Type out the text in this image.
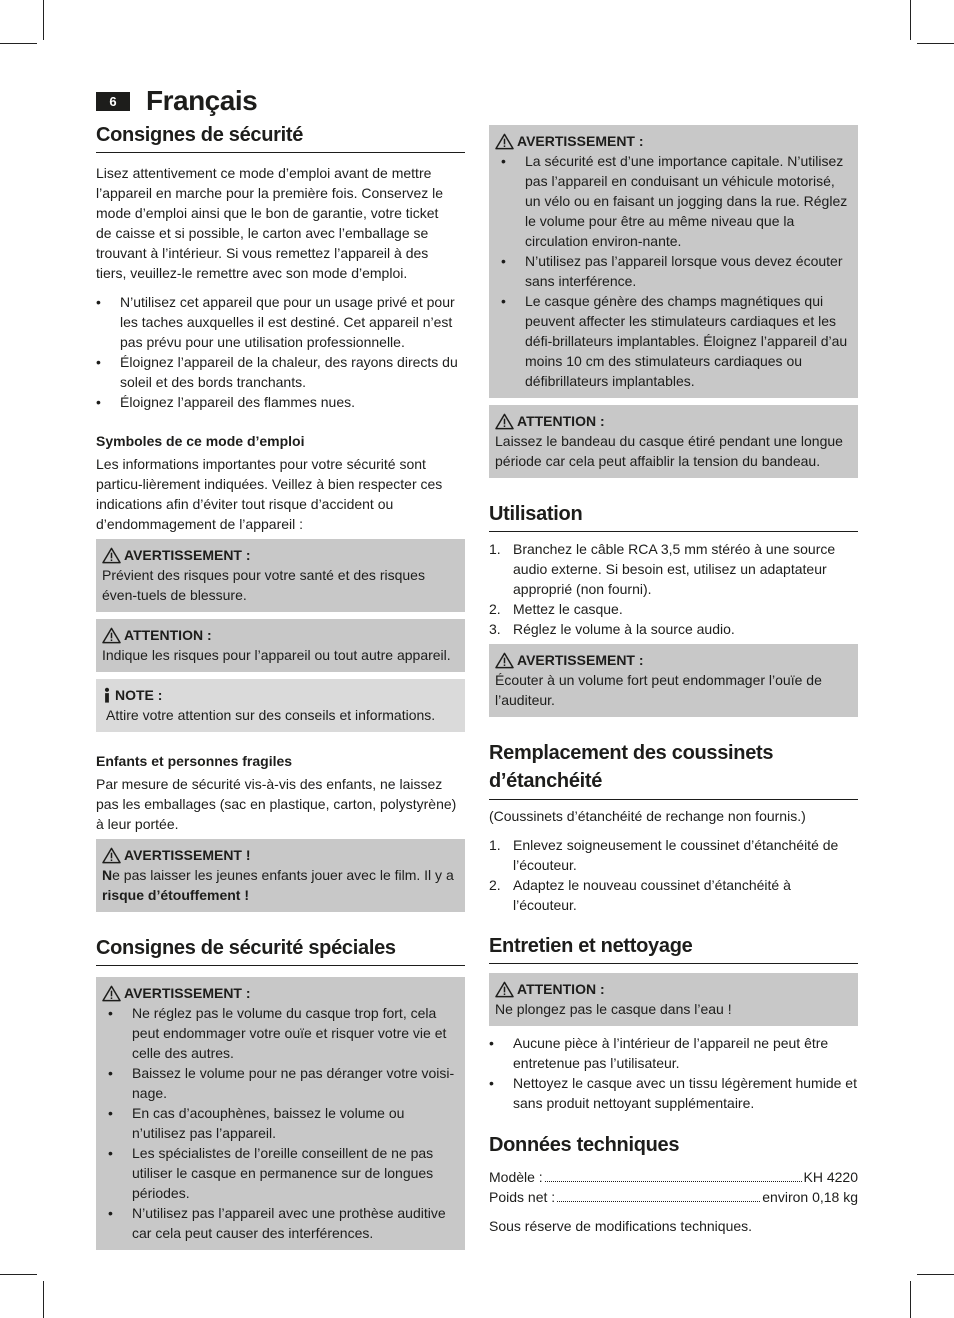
6	Français
Consignes de sécurité

Lisez attentivement ce mode d’emploi avant de mettre l’appareil en marche pour la première fois. Conservez le mode d’emploi ainsi que le bon de garantie, votre ticket de caisse et si possible, le carton avec l’emballage se trouvant à l’intérieur. Si vous remettez l’appareil à des tiers, veuillez-le remettre avec son mode d’emploi.

• N’utilisez cet appareil que pour un usage privé et pour les taches auxquelles il est destiné. Cet appareil n’est pas prévu pour une utilisation professionnelle.
• Éloignez l’appareil de la chaleur, des rayons directs du soleil et des bords tranchants.
• Éloignez l’appareil des flammes nues.
Symboles de ce mode d’emploi

Les informations importantes pour votre sécurité sont particu-lièrement indiquées. Veillez à bien respecter ces indications afin d’éviter tout risque d’accident ou d’endommagement de l’appareil :

AVERTISSEMENT :

Prévient des risques pour votre santé et des risques éven-tuels de blessure.

ATTENTION :

Indique les risques pour l’appareil ou tout autre appareil.

NOTE :

Attire votre attention sur des conseils et informations.

Enfants et personnes fragiles

Par mesure de sécurité vis-à-vis des enfants, ne laissez pas les emballages (sac en plastique, carton, polystyrène) à leur portée.

AVERTISSEMENT !

Ne pas laisser les jeunes enfants jouer avec le film. Il y a
risque d’étouffement !

Consignes de sécurité spéciales
AVERTISSEMENT :
• Ne réglez pas le volume du casque trop fort, cela peut endommager votre ouïe et risquer votre vie et celle des autres.
• Baissez le volume pour ne pas déranger votre voisi-nage.
• En cas d’acouphènes, baissez le volume ou n’utilisez pas l’appareil.
• Les spécialistes de l’oreille conseillent de ne pas utiliser le casque en permanence sur de longues périodes.
• N’utilisez pas l’appareil avec une prothèse auditive car cela peut causer des interférences.
AVERTISSEMENT :
• La sécurité est d’une importance capitale. N’utilisez pas l’appareil en conduisant un véhicule motorisé, un vélo ou en faisant un jogging dans la rue. Réglez le volume pour être au même niveau que la circulation environ-nante.
• N’utilisez pas l’appareil lorsque vous devez écouter sans interférence.
• Le casque génère des champs magnétiques qui peuvent affecter les stimulateurs cardiaques et les défi-brillateurs implantables. Éloignez l’appareil d’au moins 10 cm des stimulateurs cardiaques ou défibrillateurs implantables.
ATTENTION :

Laissez le bandeau du casque étiré pendant une longue période car cela peut affaiblir la tension du bandeau.

Utilisation
1. Branchez le câble RCA 3,5 mm stéréo à une source audio externe. Si besoin est, utilisez un adaptateur approprié (non fourni).
2. Mettez le casque.
3. Réglez le volume à la source audio.
AVERTISSEMENT :

Écouter à un volume fort peut endommager l’ouïe de l’auditeur.

Remplacement des coussinets d’étanchéité

(Coussinets d’étanchéité de rechange non fournis.)

1. Enlevez soigneusement le coussinet d’étanchéité de l’écouteur.
2. Adaptez le nouveau coussinet d’étanchéité à l’écouteur.
Entretien et nettoyage
ATTENTION :

Ne plongez pas le casque dans l’eau !

• Aucune pièce à l’intérieur de l’appareil ne peut être entretenue pas l’utilisateur.
• Nettoyez le casque avec un tissu légèrement humide et sans produit nettoyant supplémentaire.
Données techniques
Modèle :	KH 4220
Poids net :	environ 0,18 kg

Sous réserve de modifications techniques.
